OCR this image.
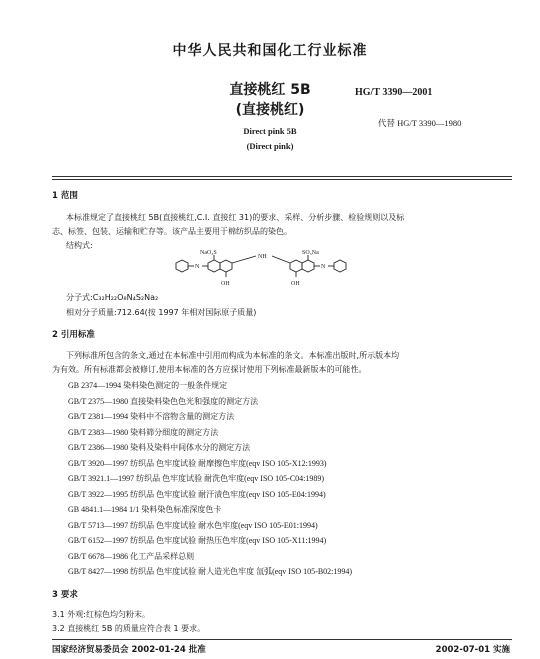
中华人民共和国化工行业标准
直接桃红 5B
(直接桃红)
HG/T 3390—2001
代替 HG/T 3390—1980
Direct pink 5B
(Direct pink)
1 范围
本标准规定了直接桃红 5B(直接桃红,C.I. 直接红 31)的要求、采样、分析步骤、检验规则以及标
志、标签、包装、运输和贮存等。该产品主要用于棉纺织品的染色。
结构式:
N	N
NaO₃S	SO₃Na
NH
OH	OH
分子式:C₃₂H₂₂O₈N₄S₂Na₂
相对分子质量:712.64(按 1997 年相对国际原子质量)
2 引用标准
下列标准所包含的条文,通过在本标准中引用而构成为本标准的条文。本标准出版时,所示版本均
为有效。所有标准都会被修订,使用本标准的各方应探讨使用下列标准最新版本的可能性。
GB 2374—1994 染料染色测定的一般条件规定
GB/T 2375—1980 直接染料染色色光和强度的测定方法
GB/T 2381—1994 染料中不溶物含量的测定方法
GB/T 2383—1980 染料筛分细度的测定方法
GB/T 2386—1980 染料及染料中间体水分的测定方法
GB/T 3920—1997 纺织品 色牢度试验 耐摩擦色牢度(eqv ISO 105-X12:1993)
GB/T 3921.1—1997 纺织品 色牢度试验 耐洗色牢度(eqv ISO 105-C04:1989)
GB/T 3922—1995 纺织品 色牢度试验 耐汗渍色牢度(eqv ISO 105-E04:1994)
GB 4841.1—1984 1/1 染料染色标准深度色卡
GB/T 5713—1997 纺织品 色牢度试验 耐水色牢度(eqv ISO 105-E01:1994)
GB/T 6152—1997 纺织品 色牢度试验 耐热压色牢度(eqv ISO 105-X11:1994)
GB/T 6678—1986 化工产品采样总则
GB/T 8427—1998 纺织品 色牢度试验 耐人造光色牢度 氙弧(eqv ISO 105-B02:1994)
3 要求
3.1 外观:红棕色均匀粉末。
3.2 直接桃红 5B 的质量应符合表 1 要求。
国家经济贸易委员会 2002-01-24 批准	2002-07-01 实施
